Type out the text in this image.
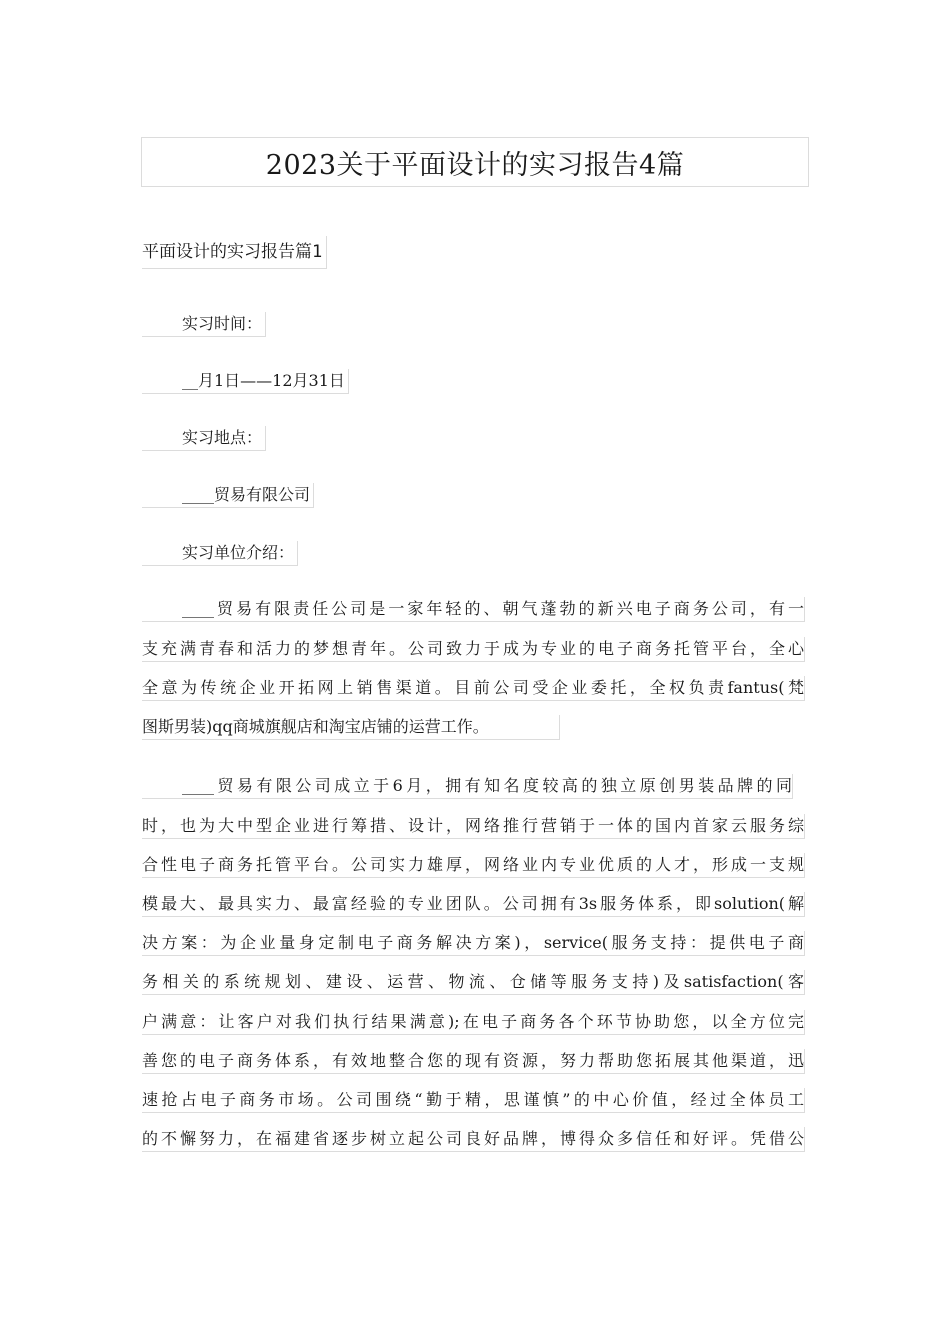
2023关于平面设计的实习报告4篇
平面设计的实习报告篇1
实习时间：
__月1日——12月31日
实习地点：
____贸易有限公司
实习单位介绍：
____贸易有限责任公司是一家年轻的、朝气蓬勃的新兴电子商务公司，有一
支充满青春和活力的梦想青年。公司致力于成为专业的电子商务托管平台，全心
全意为传统企业开拓网上销售渠道。目前公司受企业委托，全权负责fantus(梵
图斯男装)qq商城旗舰店和淘宝店铺的运营工作。
____贸易有限公司成立于6月，拥有知名度较高的独立原创男装品牌的同
时，也为大中型企业进行筹措、设计，网络推行营销于一体的国内首家云服务综
合性电子商务托管平台。公司实力雄厚，网络业内专业优质的人才，形成一支规
模最大、最具实力、最富经验的专业团队。公司拥有3s服务体系，即solution(解
决方案：为企业量身定制电子商务解决方案)，service(服务支持：提供电子商
务相关的系统规划、建设、运营、物流、仓储等服务支持)及satisfaction(客
户满意：让客户对我们执行结果满意);在电子商务各个环节协助您，以全方位完
善您的电子商务体系，有效地整合您的现有资源，努力帮助您拓展其他渠道，迅
速抢占电子商务市场。公司围绕“勤于精，思谨慎”的中心价值，经过全体员工
的不懈努力，在福建省逐步树立起公司良好品牌，博得众多信任和好评。凭借公
